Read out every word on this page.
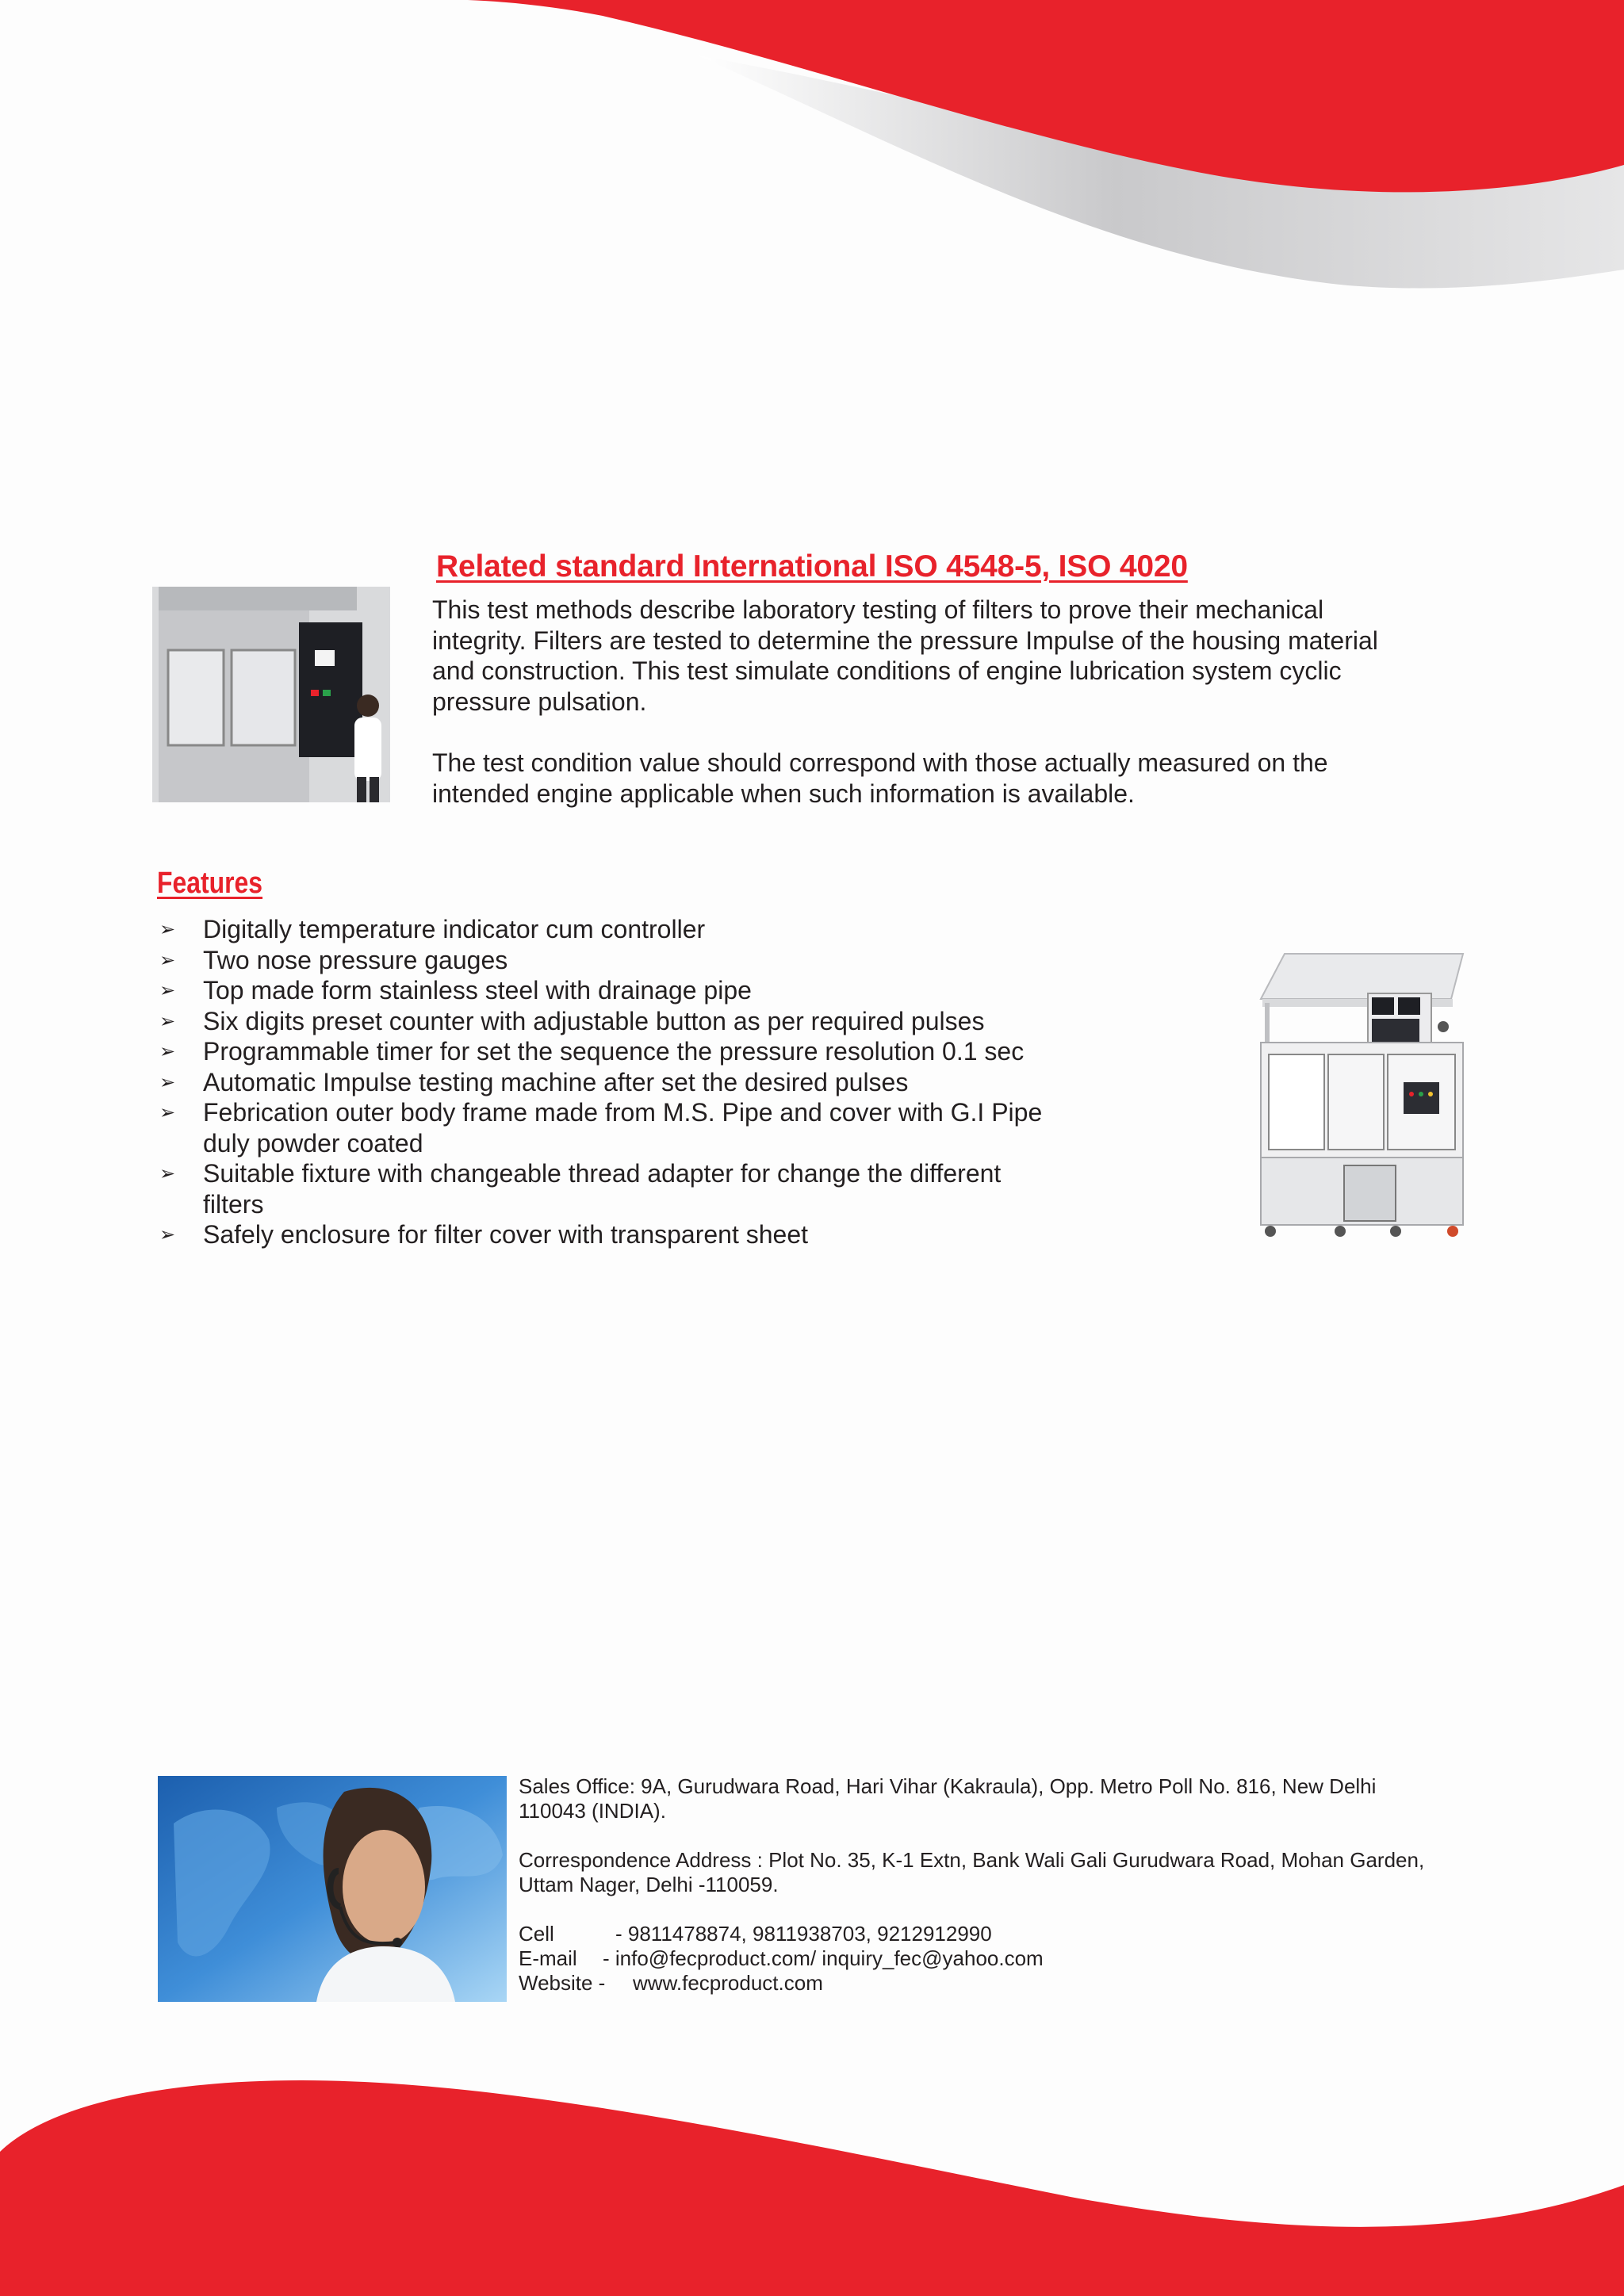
Related standard International ISO 4548-5, ISO 4020

This test methods describe laboratory testing of filters to prove their mechanical
integrity. Filters are tested to determine the pressure Impulse of the housing material
and construction. This test simulate conditions of engine lubrication system cyclic
pressure pulsation.

The test condition value should correspond with those actually measured on the
intended engine applicable when such information is available.

Features
➢ Digitally temperature indicator cum controller
➢ Two nose pressure gauges
➢ Top made form stainless steel with drainage pipe
➢ Six digits preset counter with adjustable button as per required pulses
➢ Programmable timer for set the sequence the pressure resolution 0.1 sec
➢ Automatic Impulse testing machine after set the desired pulses
➢ Febrication outer body frame made from M.S. Pipe and cover with G.I Pipe
duly powder coated
➢ Suitable fixture with changeable thread adapter for change the different
filters
➢ Safely enclosure for filter cover with transparent sheet
Sales Office: 9A, Gurudwara Road, Hari Vihar (Kakraula), Opp. Metro Poll No. 816, New Delhi
110043 (INDIA).
Correspondence Address : Plot No. 35, K-1 Extn, Bank Wali Gali Gurudwara Road, Mohan Garden,
Uttam Nager, Delhi -110059.
Cell	- 9811478874, 9811938703, 9212912990
E-mail	- info@fecproduct.com/ inquiry_fec@yahoo.com
Website -	www.fecproduct.com
